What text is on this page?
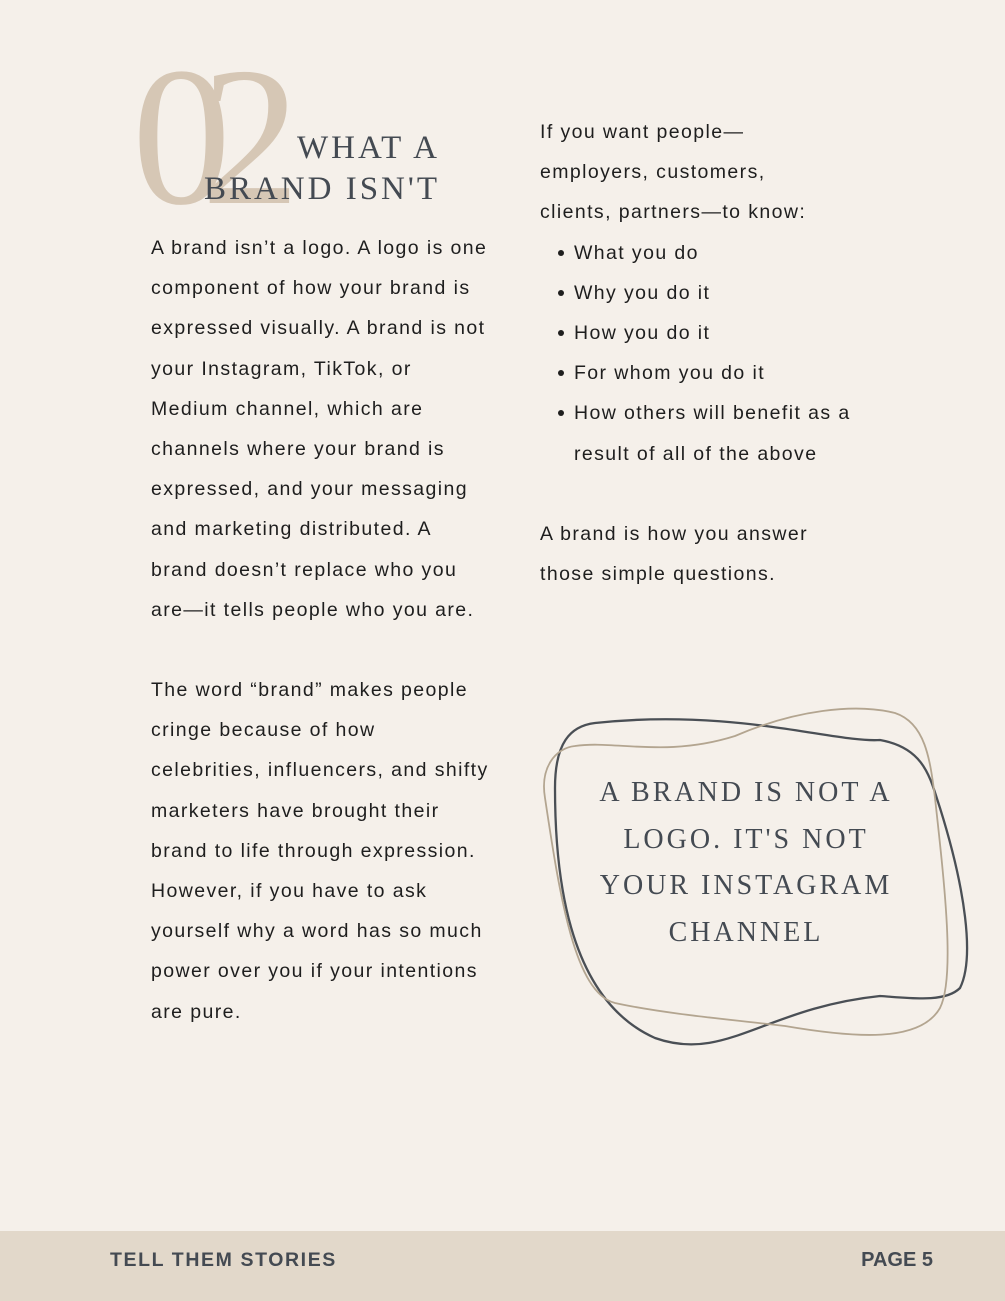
02 WHAT A
BRAND ISN'T

A brand isn’t a logo. A logo is one component of how your brand is expressed visually. A brand is not your Instagram, TikTok, or Medium channel, which are channels where your brand is expressed, and your messaging and marketing distributed. A brand doesn’t replace who you are—it tells people who you are.

The word “brand” makes people cringe because of how celebrities, influencers, and shifty marketers have brought their brand to life through expression. However, if you have to ask yourself why a word has so much power over you if your intentions are pure.

If you want people—employers, customers, clients, partners—to know:

What you do
Why you do it
How you do it
For whom you do it
How others will benefit as a result of all of the above

A brand is how you answer those simple questions.

A BRAND IS NOT A LOGO. IT'S NOT YOUR INSTAGRAM CHANNEL

TELL THEM STORIES	PAGE 5
